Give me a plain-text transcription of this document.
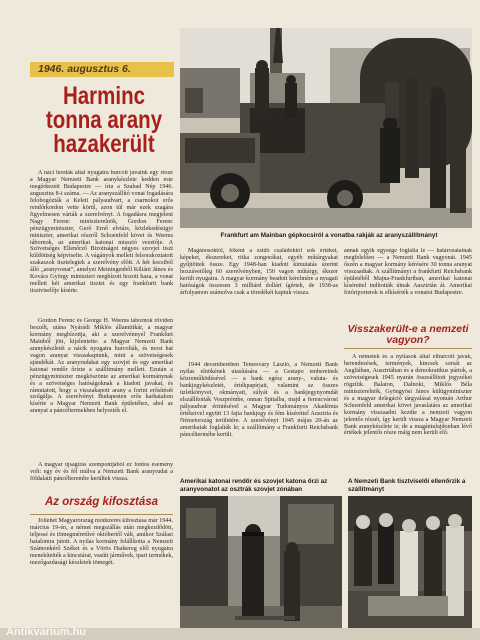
1946. augusztus 6.
Harminc tonna arany hazakerült

Frankfurt am Mainban gépkocsiról a vonatba rakják az aranyszállítmányt

A náci hordák által nyugatra hurcolt javaink egy része a Magyar Nemzeti Bank aranykészlete kedden este megérkezett Budapestre — írta a Szabad Nép 1946. augusztus 8-i száma. — Az aranyszállító vonat fogadására felobogózták a Keleti pályaudvart, a csarnokot erős rendőrkordon vette körül, azon túl már ezek szagára figyelmesen várták a szerelvényt. A fogadásra megjelent Nagy Ferenc miniszterelnök, Gordon Ferenc pénzügyminiszter, Gerő Ernő elvtárs, közlekedésügyi miniszter, amerikai részről Schoenfeld követ és Weems tábornok, az amerikai katonai misszió vezetője. A Szövetséges Ellenőrző Bizottságot négyes szovjet tiszt küldöttség képviselte. A vágányok mellett felsorakoztatott szakaszok tisztelegtek a szerelvény előtt. A hét kocsiból álló „aranyvonat”, amelyet Meiningenből Kiliáni János és Kovács György miniszteri megbízott hozott haza, a vonat mellett két amerikai tisztet és egy frankfurti bank tisztviselője kísérte.

Gordon Ferenc és George H. Weems tábornok röviden beszélt, utána Nyárádi Miklós államtitkár, a magyar kormány megbízottja, aki a szerelvénnyel Frankfurt Mainból jött, kijelentette: a Magyar Nemzeti Bank aranykészletét a nácik nyugatra hurcolták, és most hat vagon aranyat visszakaptunk, mint a szövetségesek ajándékát. Az aranyrudakat egy szovjet és egy amerikai katonai rendőr őrizte a szállítmány mellett. Ezután a pénzügyminiszter megköszönte az amerikai kormánynak és a szövetséges hatóságoknak a kiadott javakat, és rámutatott, hogy a visszakapott arany a forint erősítését szolgálja. A szerelvényt Budapesten erős karhatalom kísérte a Magyar Nemzeti Bank épületéhez, ahol az aranyat a páncéltermekben helyezték el.

A magyar újságírás szempontjából ez fontos esemény volt: egy év és fél múlva a Nemzeti Bank aranyrudai a földalatti páncélterembe kerültek vissza.

Az ország kifosztása

Jóllehet Magyarország módszeres kifosztása már 1944. március 19-én, a német megszállás után megkezdődött, teljessé és tömegméretűvé októbertől vált, amikor Szálasi hatalomra jutott. A nyilas kormány felállította a Nemzeti Számonkérő Széket és a Vörös Hadsereg elől nyugatra menekítették a kincstárat, vasúti járművek, ipari termékek, mezőgazdasági készletek tömegét.

Magánosoktól, főként a zsidó családoktól sok értéket, képeket, ékszereket, ritka zongorákat, egyéb műtárgyakat gyűjtöttek össze. Egy 1948-ban kiadott kimutatás szerint hozzávetőleg 60 szerelvényben, 150 vagon műtárgy, ékszer került nyugatra. A magyar kormány beadott kérelmére a nyugati hatóságok összesen 3 milliárd dollárt ígértek, de 1938-as árfolyamon számolva csak a töredékét kaptuk vissza.

1944 decemberében Temesváry László, a Nemzeti Bank nyilas elnökének utasítására — a Gestapo embereinek közreműködésével — a bank egész arany-, valuta- és bankjegykészletét, értékpapírjait, valamint az összes üzletkönyvet, okmányait, súlyát és a bankjegynyomdát elszállították Veszprémbe, onnan Spitalba, majd a ferencvárosi pályaudvar érintésével a Magyar Tudományos Akadémia értékeivel együtt 13 fajta bankjegy és fém kísérettel Ausztria és Németország területére. A szerelvényt 1945 május 20-án az amerikaiak foglalták le; a szállítmány a Frankfurti Reichsbank páncéltermébe került.

annak egyik egysége foglalta le — határozatainak megfelelően — a Nemzeti Bank vagyonát. 1945 őszén a magyar kormány kérésére 30 tonna aranyat visszaadtak. A szállítmányt a frankfurti Reichsbank épületéből Majna-Frankfurtban, amerikai katonai kísérettel indították útnak Ausztrián át. Amerikai fotóriporterek is elkísérték a vonatot Budapestre.

Visszakerült-e a nemzeti vagyon?

A németek és a nyilasok által elhurcolt javak, berendezések, termények, kincsek sorsát az Angliában, Ausztriában és a demokratikus pártok, a szövetségesek 1945 nyarán összeállított jegyzékei rögzítik. Balaton, Dalnoki, Miklós Béla miniszterelnök, Gyöngyösi János külügyminiszter és a magyar delegáció tárgyalásai nyomán Arthur Schoenfeld amerikai követ javaslatára az amerikai kormány visszaadni kezdte a nemzeti vagyon jelentős részét, így került vissza a Magyar Nemzeti Bank aranykészlete is; de a magántulajdonban lévő értékek jelentős része máig nem került elő.

Amerikai katonai rendőr és szovjet katona őrzi az aranyvonatot az osztrák szovjet zónában

A Nemzeti Bank tisztviselői ellenőrzik a szállítmányt

Antikvarium.hu
